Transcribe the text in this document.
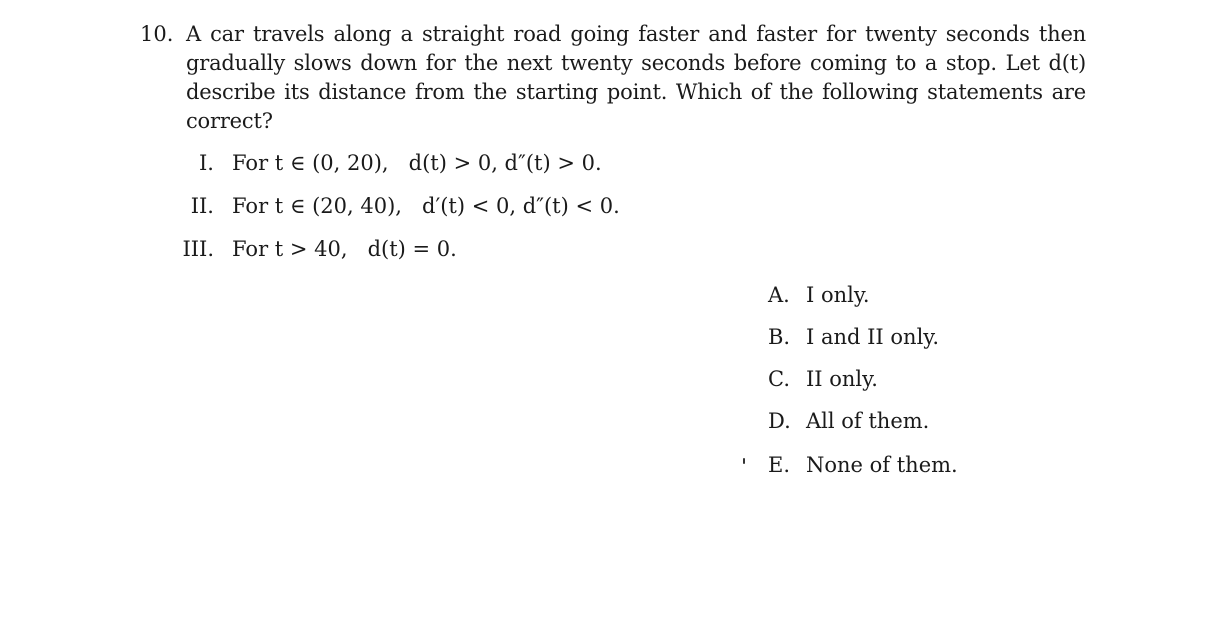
10. A car travels along a straight road going faster and faster for twenty seconds then gradually slows down for the next twenty seconds before coming to a stop. Let d(t) describe its distance from the starting point. Which of the following statements are correct?
I. For t ∈ (0, 20),   d(t) > 0, d″(t) > 0.
II. For t ∈ (20, 40),   d′(t) < 0, d″(t) < 0.
III. For t > 40,   d(t) = 0.
A. I only.
B. I and II only.
C. II only.
D. All of them.
E. None of them.
